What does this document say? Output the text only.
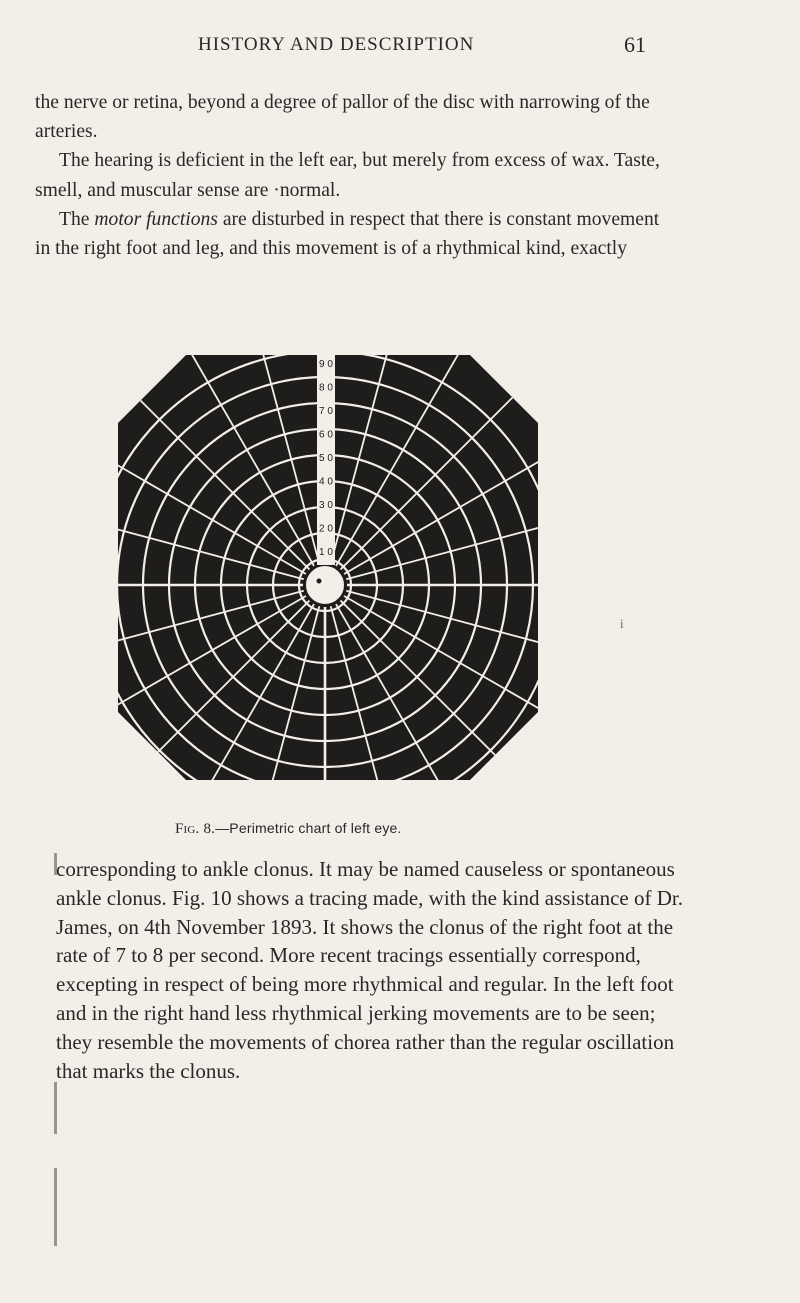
HISTORY AND DESCRIPTION	61

the nerve or retina, beyond a degree of pallor of the disc with narrowing of the arteries.

The hearing is deficient in the left ear, but merely from excess of wax. Taste, smell, and muscular sense are ·normal.

The motor functions are disturbed in respect that there is constant movement in the right foot and leg, and this movement is of a rhythmical kind, exactly

9 0
8 0
7 0
6 0
5 0
4 0
3 0
2 0
1 0
Fig. 8.—Perimetric chart of left eye.
i

corresponding to ankle clonus. It may be named causeless or spontaneous ankle clonus. Fig. 10 shows a tracing made, with the kind assistance of Dr. James, on 4th November 1893. It shows the clonus of the right foot at the rate of 7 to 8 per second. More recent tracings essentially correspond, excepting in respect of being more rhythmical and regular. In the left foot and in the right hand less rhythmical jerking movements are to be seen; they resemble the movements of chorea rather than the regular oscillation that marks the clonus.
